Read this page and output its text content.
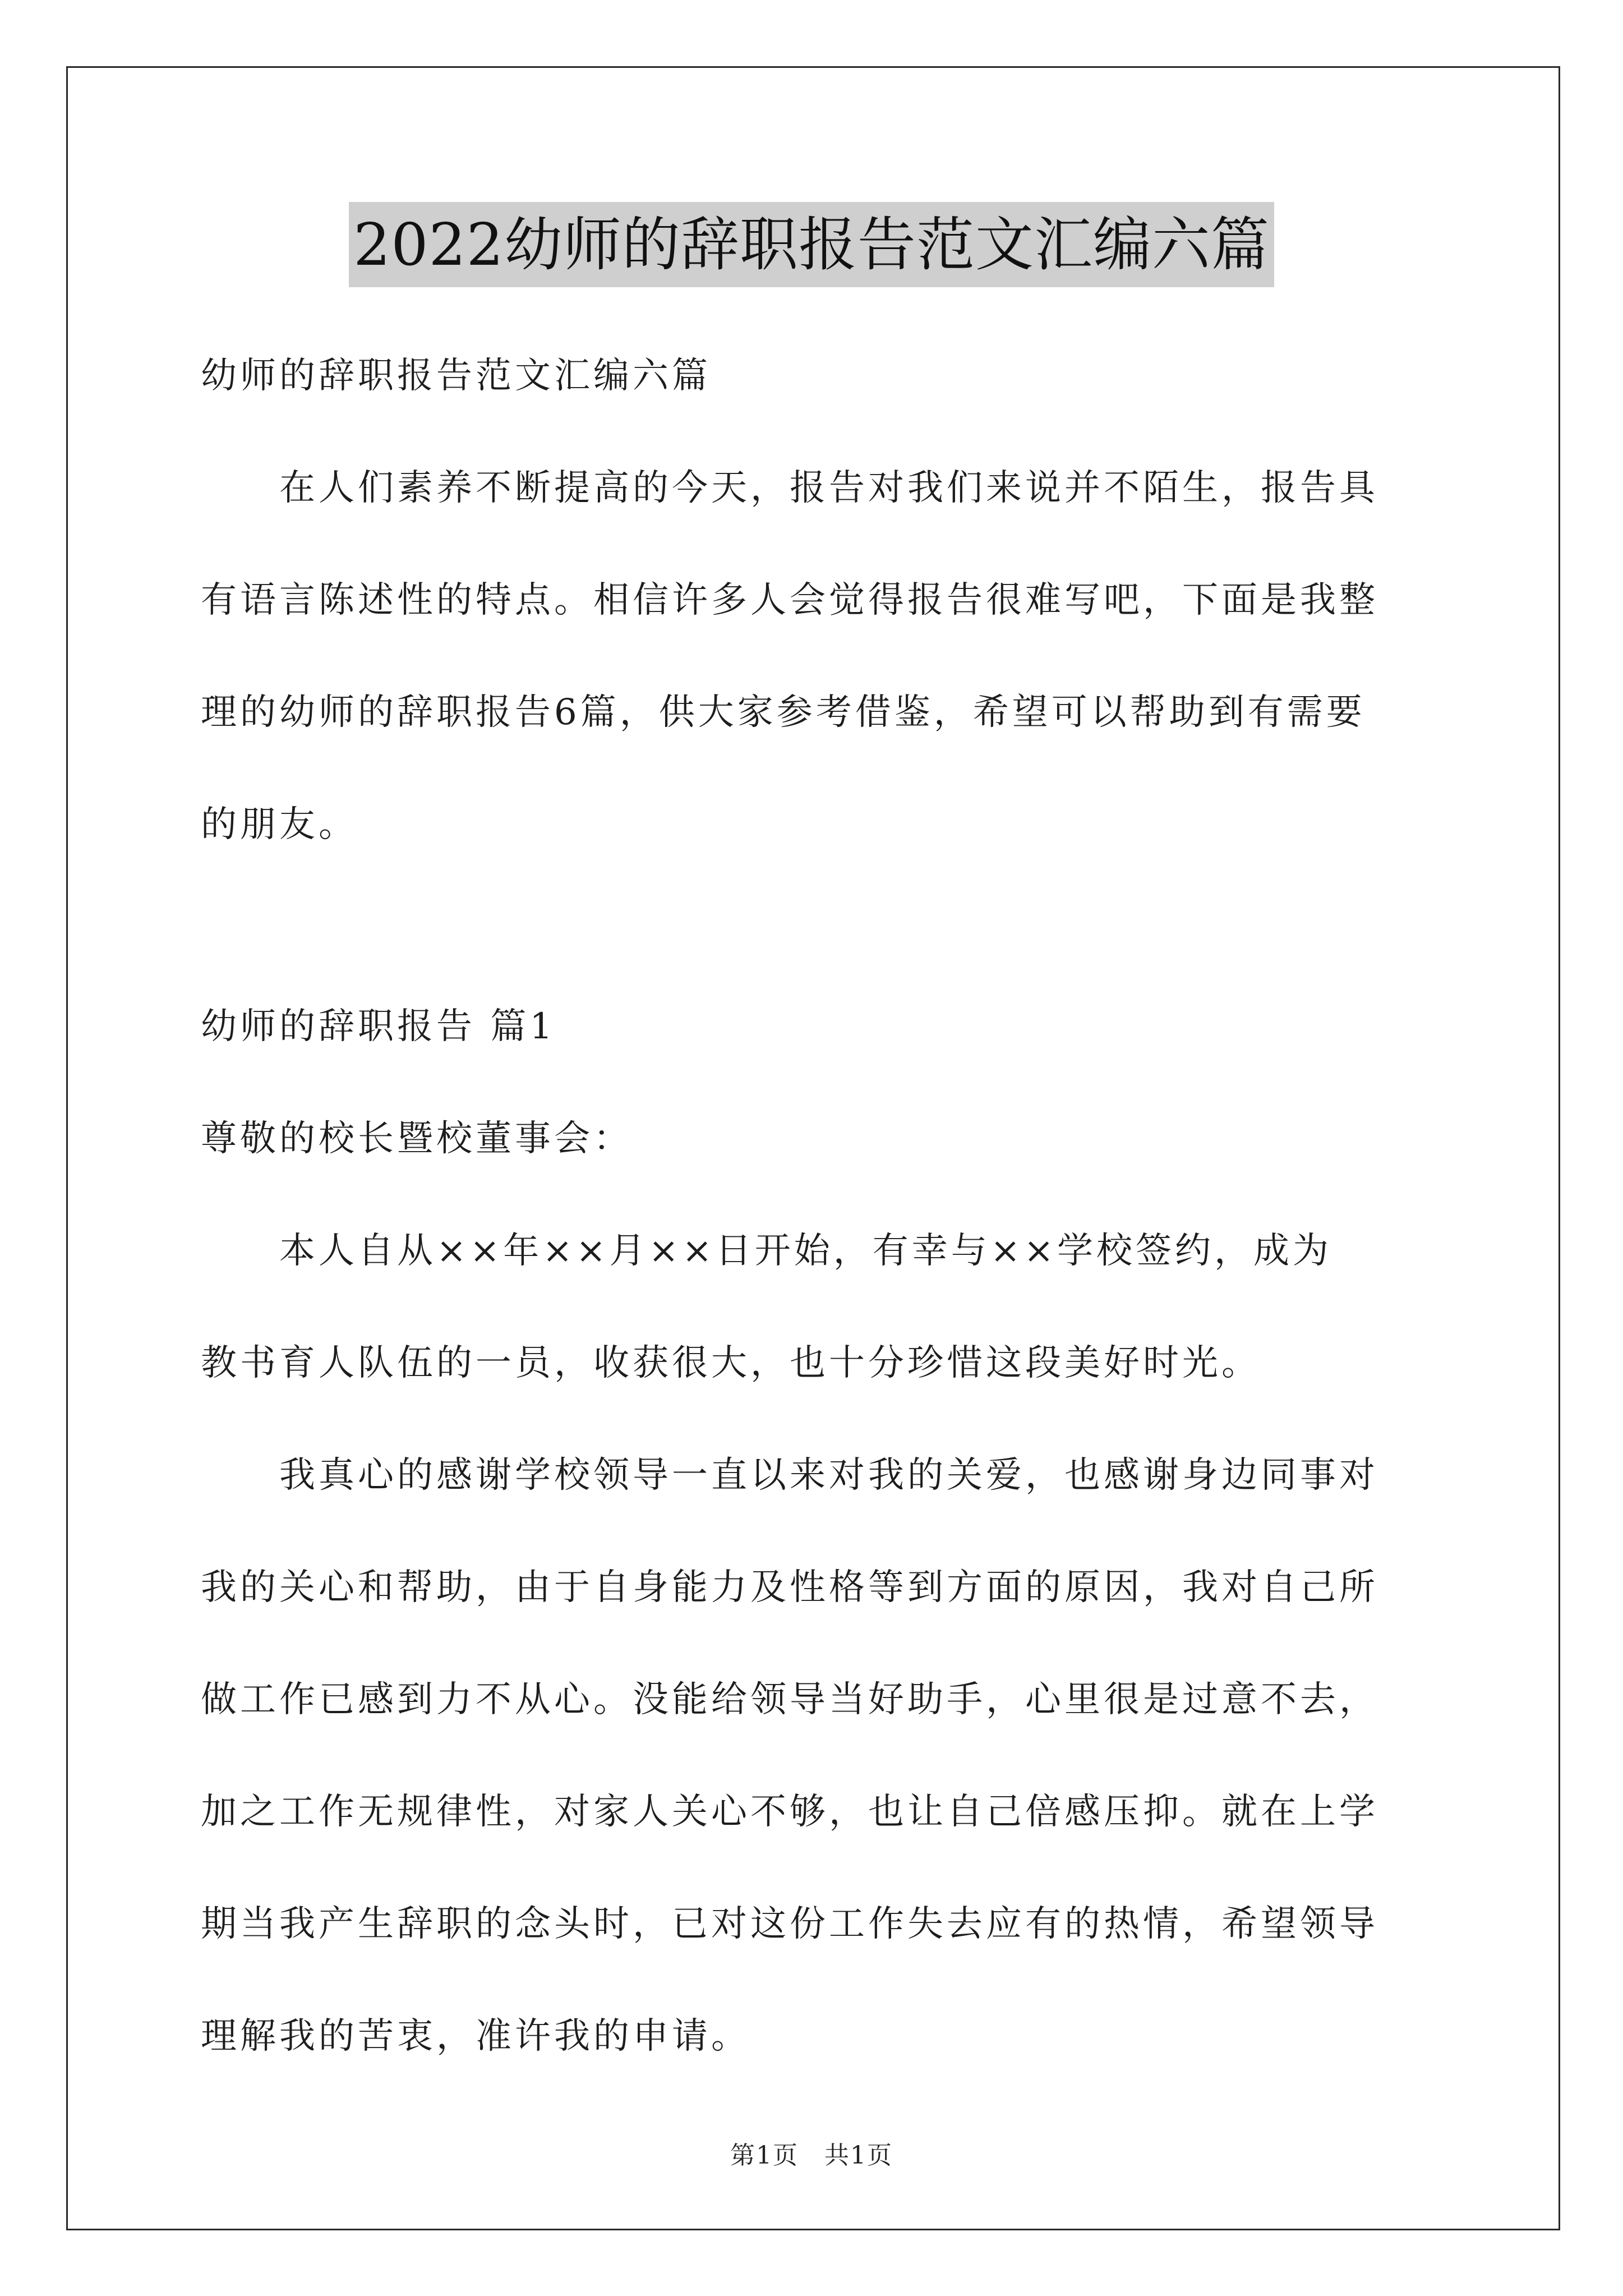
2022幼师的辞职报告范文汇编六篇
幼师的辞职报告范文汇编六篇
　　在人们素养不断提高的今天，报告对我们来说并不陌生，报告具
有语言陈述性的特点。相信许多人会觉得报告很难写吧，下面是我整
理的幼师的辞职报告6篇，供大家参考借鉴，希望可以帮助到有需要
的朋友。
幼师的辞职报告 篇1
尊敬的校长暨校董事会：
　　本人自从××年××月××日开始，有幸与××学校签约，成为
教书育人队伍的一员，收获很大，也十分珍惜这段美好时光。
　　我真心的感谢学校领导一直以来对我的关爱，也感谢身边同事对
我的关心和帮助，由于自身能力及性格等到方面的原因，我对自己所
做工作已感到力不从心。没能给领导当好助手，心里很是过意不去，
加之工作无规律性，对家人关心不够，也让自己倍感压抑。就在上学
期当我产生辞职的念头时，已对这份工作失去应有的热情，希望领导
理解我的苦衷，准许我的申请。
第1页　共1页
